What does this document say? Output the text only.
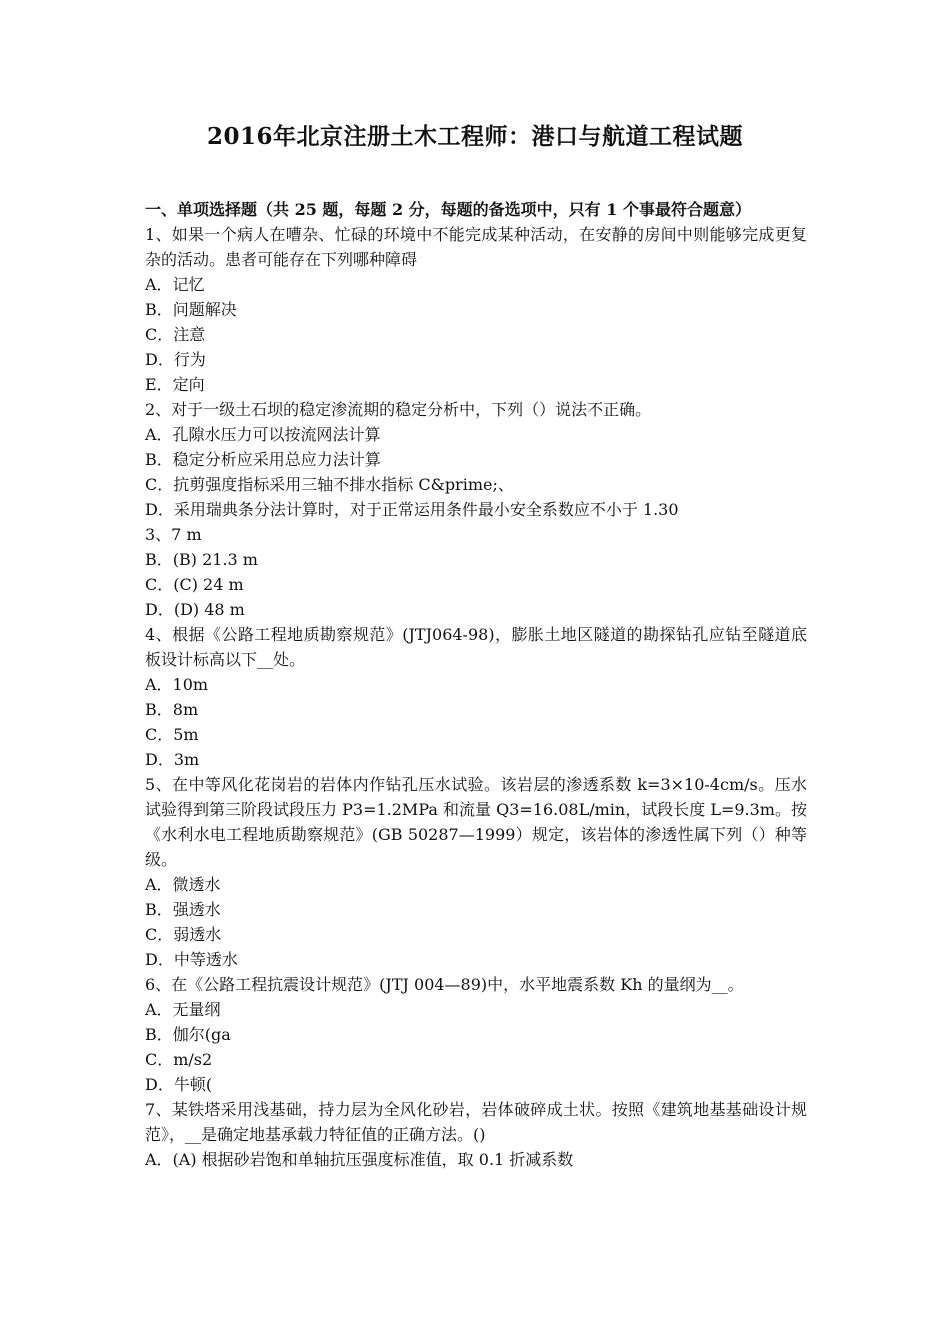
2016年北京注册土木工程师：港口与航道工程试题
一、单项选择题（共 25 题，每题 2 分，每题的备选项中，只有 1 个事最符合题意）
1、如果一个病人在嘈杂、忙碌的环境中不能完成某种活动，在安静的房间中则能够完成更复杂的活动。患者可能存在下列哪种障碍
A．记忆
B．问题解决
C．注意
D．行为
E．定向
2、对于一级土石坝的稳定渗流期的稳定分析中，下列（）说法不正确。
A．孔隙水压力可以按流网法计算
B．稳定分析应采用总应力法计算
C．抗剪强度指标采用三轴不排水指标 C&prime;、
D．采用瑞典条分法计算时，对于正常运用条件最小安全系数应不小于 1.30
3、7 m
B．(B) 21.3 m
C．(C) 24 m
D．(D) 48 m
4、根据《公路工程地质勘察规范》(JTJ064-98)，膨胀土地区隧道的勘探钻孔应钻至隧道底板设计标高以下__处。
A．10m
B．8m
C．5m
D．3m
5、在中等风化花岗岩的岩体内作钻孔压水试验。该岩层的渗透系数 k=3×10-4cm/s。压水试验得到第三阶段试段压力 P3=1.2MPa 和流量 Q3=16.08L/min，试段长度 L=9.3m。按《水利水电工程地质勘察规范》(GB 50287—1999）规定，该岩体的渗透性属下列（）种等级。
A．微透水
B．强透水
C．弱透水
D．中等透水
6、在《公路工程抗震设计规范》(JTJ 004—89)中，水平地震系数 Kh 的量纲为__。
A．无量纲
B．伽尔(ga
C．m/s2
D．牛顿(
7、某铁塔采用浅基础，持力层为全风化砂岩，岩体破碎成土状。按照《建筑地基基础设计规范》，__是确定地基承载力特征值的正确方法。()
A．(A) 根据砂岩饱和单轴抗压强度标准值，取 0.1 折减系数
